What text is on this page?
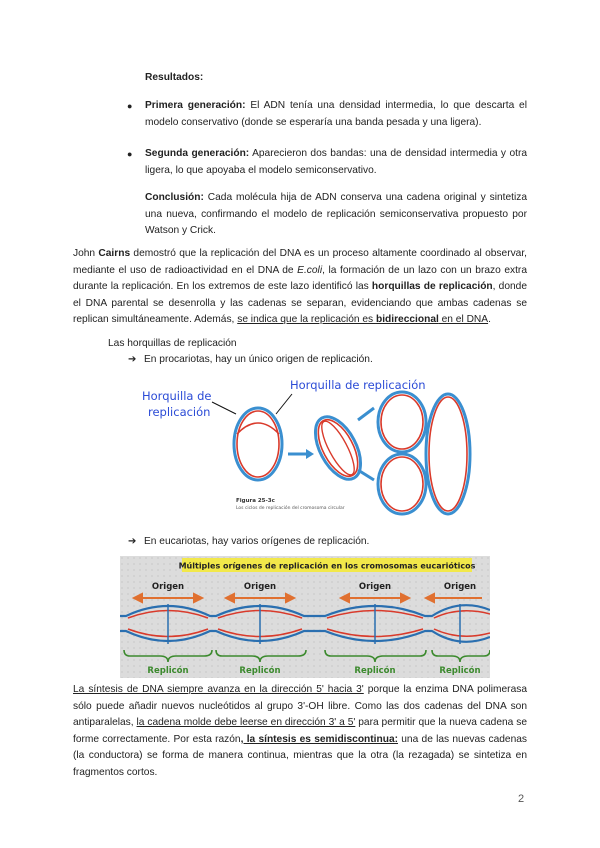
Resultados:
● Primera generación: El ADN tenía una densidad intermedia, lo que descarta el modelo conservativo (donde se esperaría una banda pesada y una ligera).
● Segunda generación: Aparecieron dos bandas: una de densidad intermedia y otra ligera, lo que apoyaba el modelo semiconservativo.
Conclusión: Cada molécula hija de ADN conserva una cadena original y sintetiza una nueva, confirmando el modelo de replicación semiconservativa propuesto por Watson y Crick.
John Cairns demostró que la replicación del DNA es un proceso altamente coordinado al observar, mediante el uso de radioactividad en el DNA de E.coli, la formación de un lazo con un brazo extra durante la replicación. En los extremos de este lazo identificó las horquillas de replicación, donde el DNA parental se desenrolla y las cadenas se separan, evidenciando que ambas cadenas se replican simultáneamente. Además, se indica que la replicación es bidireccional en el DNA.
Las horquillas de replicación
➔ En procariotas, hay un único origen de replicación.
Horquilla de
replicación
Horquilla de replicación
Figura 25-3c
Los ciclos de replicación del cromosoma circular
➔ En eucariotas, hay varios orígenes de replicación.
Múltiples orígenes de replicación en los cromosomas eucarióticos
Origen	Origen	Origen	Origen
Replicón	Replicón	Replicón	Replicón
La síntesis de DNA siempre avanza en la dirección 5' hacia 3' porque la enzima DNA polimerasa sólo puede añadir nuevos nucleótidos al grupo 3'-OH libre. Como las dos cadenas del DNA son antiparalelas, la cadena molde debe leerse en dirección 3' a 5' para permitir que la nueva cadena se forme correctamente. Por esta razón, la síntesis es semidiscontinua: una de las nuevas cadenas (la conductora) se forma de manera continua, mientras que la otra (la rezagada) se sintetiza en fragmentos cortos.
2
